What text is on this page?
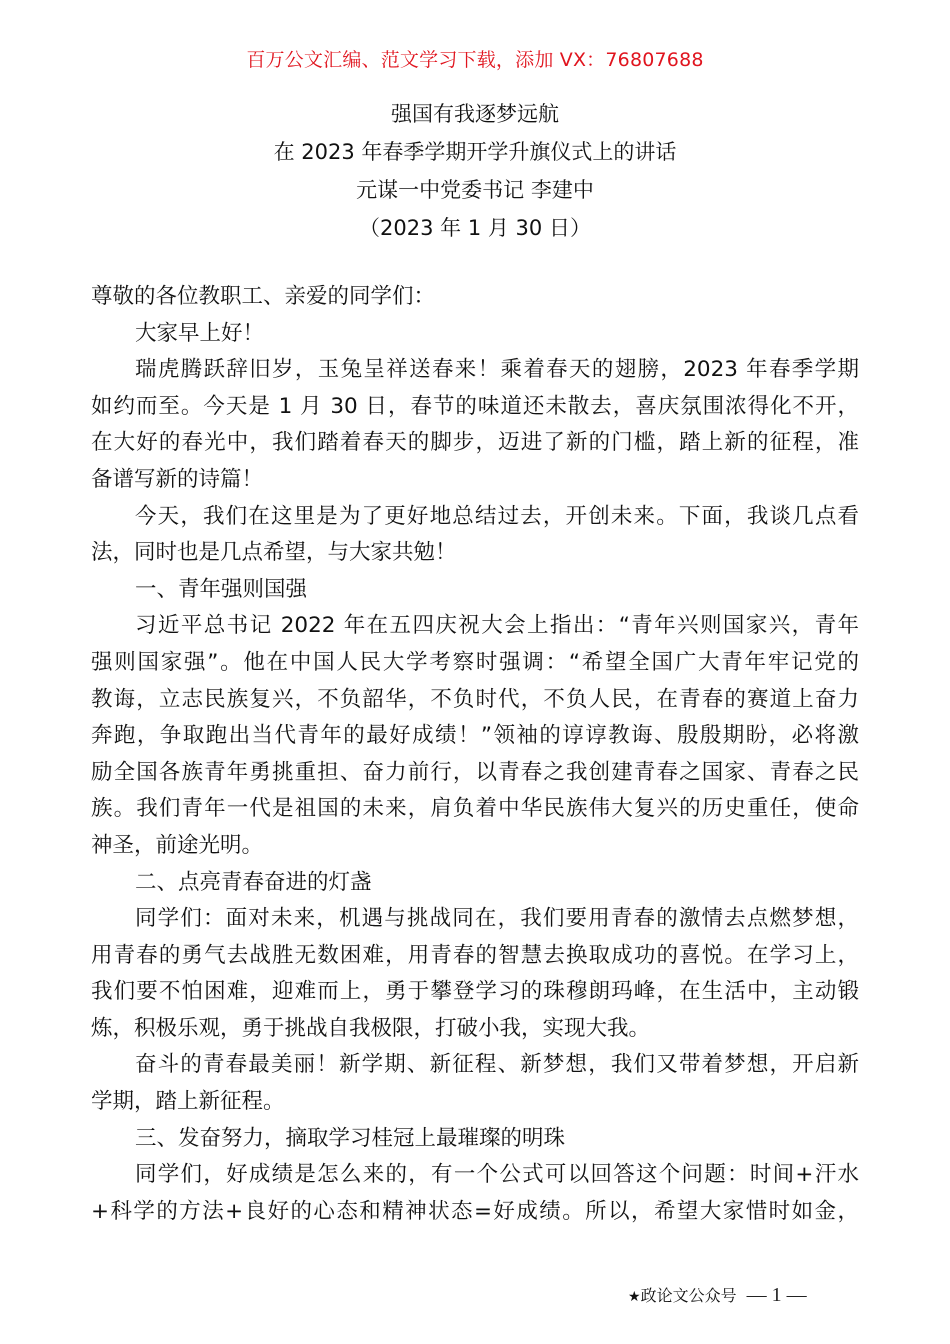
百万公文汇编、范文学习下载，添加 VX：76807688
强国有我逐梦远航
在 2023 年春季学期开学升旗仪式上的讲话
元谋一中党委书记 李建中
（2023 年 1 月 30 日）
尊敬的各位教职工、亲爱的同学们：
大家早上好！
瑞虎腾跃辞旧岁，玉兔呈祥送春来！乘着春天的翅膀，2023 年春季学期
如约而至。今天是 1 月 30 日，春节的味道还未散去，喜庆氛围浓得化不开，
在大好的春光中，我们踏着春天的脚步，迈进了新的门槛，踏上新的征程，准
备谱写新的诗篇！
今天，我们在这里是为了更好地总结过去，开创未来。下面，我谈几点看
法，同时也是几点希望，与大家共勉！
一、青年强则国强
习近平总书记 2022 年在五四庆祝大会上指出：“青年兴则国家兴，青年
强则国家强”。他在中国人民大学考察时强调：“希望全国广大青年牢记党的
教诲，立志民族复兴，不负韶华，不负时代，不负人民，在青春的赛道上奋力
奔跑，争取跑出当代青年的最好成绩！”领袖的谆谆教诲、殷殷期盼，必将激
励全国各族青年勇挑重担、奋力前行，以青春之我创建青春之国家、青春之民
族。我们青年一代是祖国的未来，肩负着中华民族伟大复兴的历史重任，使命
神圣，前途光明。
二、点亮青春奋进的灯盏
同学们：面对未来，机遇与挑战同在，我们要用青春的激情去点燃梦想，
用青春的勇气去战胜无数困难，用青春的智慧去换取成功的喜悦。在学习上，
我们要不怕困难，迎难而上，勇于攀登学习的珠穆朗玛峰，在生活中，主动锻
炼，积极乐观，勇于挑战自我极限，打破小我，实现大我。
奋斗的青春最美丽！新学期、新征程、新梦想，我们又带着梦想，开启新
学期，踏上新征程。
三、发奋努力，摘取学习桂冠上最璀璨的明珠
同学们，好成绩是怎么来的，有一个公式可以回答这个问题：时间+汗水
+科学的方法+良好的心态和精神状态=好成绩。所以，希望大家惜时如金，
★政论文公众号 — 1 —
